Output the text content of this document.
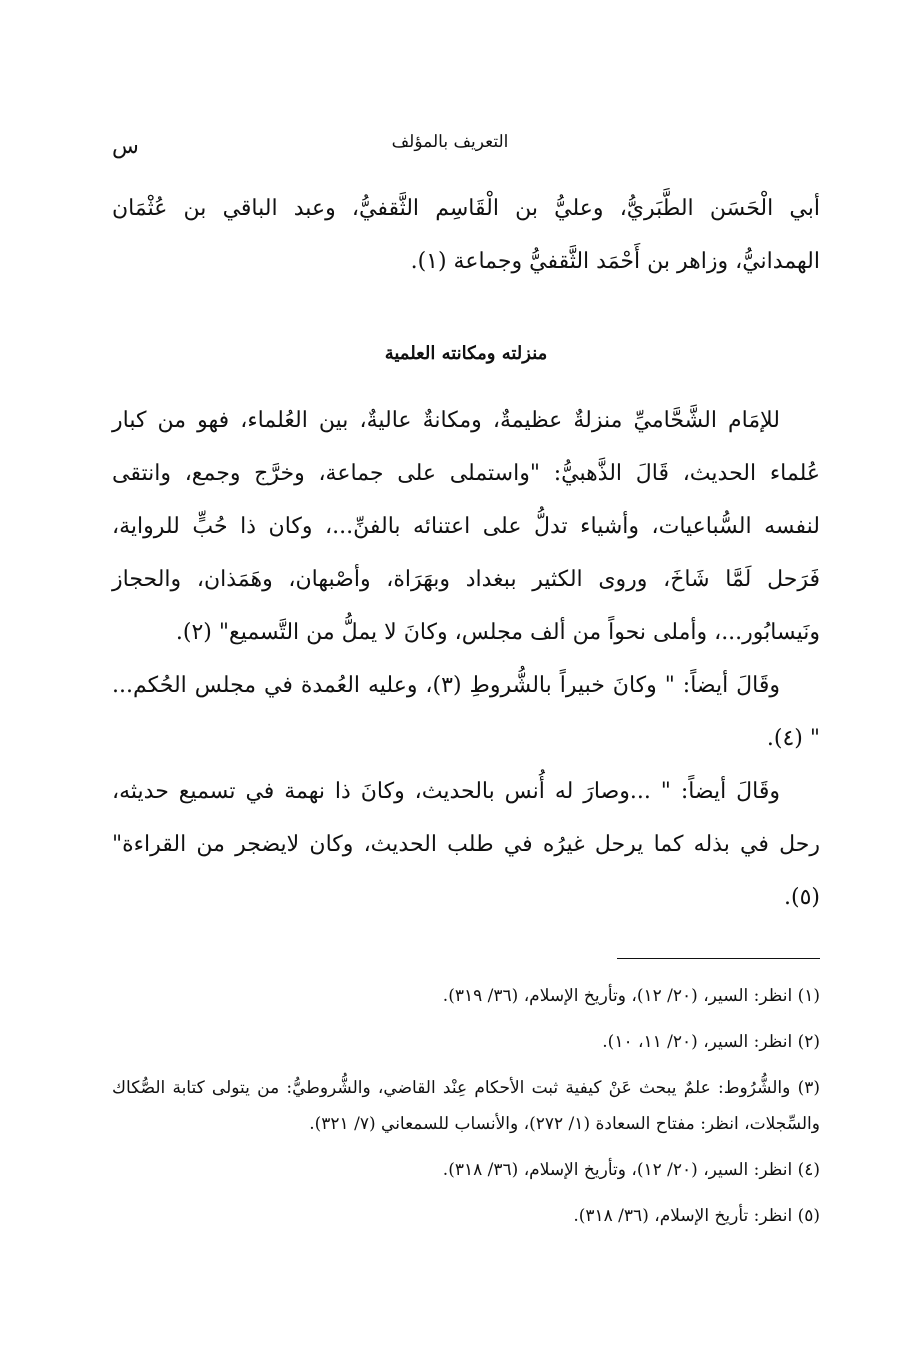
التعريف بالمؤلف
س

أبي الْحَسَن الطَّبَريُّ، وعليُّ بن الْقَاسِم الثَّقفيُّ، وعبد الباقي بن عُثْمَان الهمدانيُّ، وزاهر بن أَحْمَد الثَّقفيُّ وجماعة (١).

منزلته ومكانته العلمية

للإمَام الشَّحَّاميِّ منزلةٌ عظيمةٌ، ومكانةٌ عاليةٌ، بين العُلماء، فهو من كبار عُلماء الحديث، قَالَ الذَّهبيُّ: "واستملى على جماعة، وخرَّج وجمع، وانتقى لنفسه السُّباعيات، وأشياء تدلُّ على اعتنائه بالفنِّ...، وكان ذا حُبٍّ للرواية، فَرَحل لَمَّا شَاخَ، وروى الكثير ببغداد وبهَرَاة، وأصْبهان، وهَمَذان، والحجاز ونَيسابُور...، وأملى نحواً من ألف مجلس، وكانَ لا يملُّ من التَّسميع" (٢).

وقَالَ أيضاً: " وكانَ خبيراً بالشُّروطِ (٣)، وعليه العُمدة في مجلس الحُكم... " (٤).

وقَالَ أيضاً: " ...وصارَ له أُنس بالحديث، وكانَ ذا نهمة في تسميع حديثه، رحل في بذله كما يرحل غيرُه في طلب الحديث، وكان لايضجر من القراءة" (٥).

(١) انظر: السير، (٢٠/ ١٢)، وتأريخ الإسلام، (٣٦/ ٣١٩).

(٢) انظر: السير، (٢٠/ ١١، ١٠).

(٣) والشُّرُوط: علمٌ يبحث عَنْ كيفية ثبت الأحكام عِنْد القاضي، والشُّروطيُّ: من يتولى كتابة الصُّكاك والسِّجلات، انظر: مفتاح السعادة (١/ ٢٧٢)، والأنساب للسمعاني (٧/ ٣٢١).

(٤) انظر: السير، (٢٠/ ١٢)، وتأريخ الإسلام، (٣٦/ ٣١٨).

(٥) انظر: تأريخ الإسلام، (٣٦/ ٣١٨).
